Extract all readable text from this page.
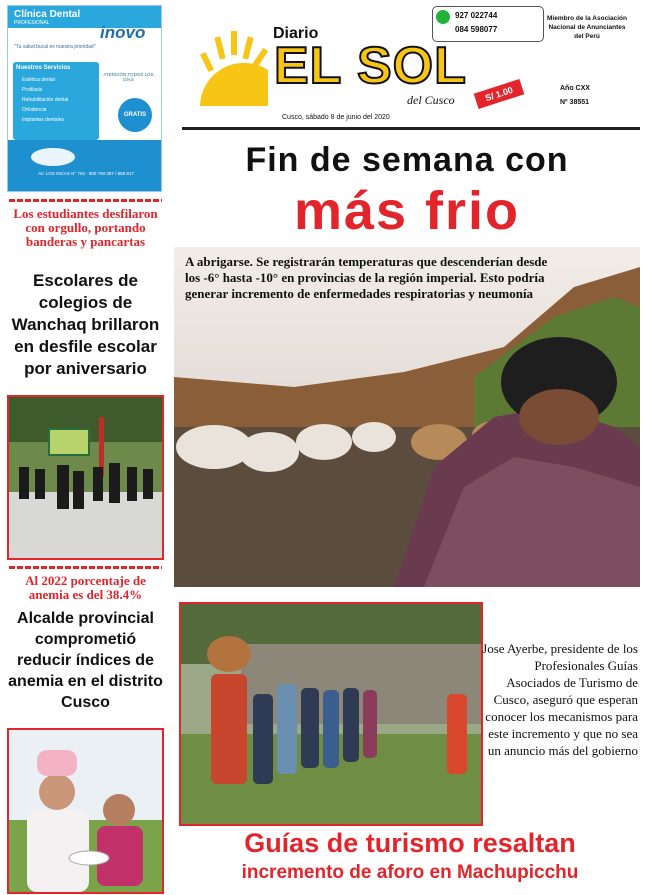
Clínica Dental
PROFESIONAL	inovo
"Tu salud bucal es nuestra prioridad"
Nuestros Servicios
Estética dental
Profilaxis
Rehabilitación dental
Ortodoncia
Implantes dentales
ATENCIÓN TODOS LOS DÍAS
GRATIS
AV. LOS INCAS N° 704 · 900 760 087 / 958 817
Diario
EL SOL
del Cusco	S/ 1.00
927 022744
084 598077
Miembro de la Asociación Nacional de Anunciantes del Perú
Año CXX
Nº 38551
Cusco, sábado 8 de junio del 2020
Fin de semana con
más frio
Los estudiantes desfilaron con orgullo, portando banderas y pancartas
Escolares de colegios de Wanchaq brillaron en desfile escolar por aniversario
Al 2022 porcentaje de anemia es del 38.4%
Alcalde provincial comprometió reducir índices de anemia en el distrito Cusco
A abrigarse. Se registrarán temperaturas que descenderían desde los -6° hasta -10° en provincias de la región imperial. Esto podría generar incremento de enfermedades respiratorias y neumonía
Jose Ayerbe, presidente de los Profesionales Guías Asociados de Turismo de Cusco, aseguró que esperan conocer los mecanismos para este incremento y que no sea un anuncio más del gobierno
Guías de turismo resaltan
incremento de aforo en Machupicchu
